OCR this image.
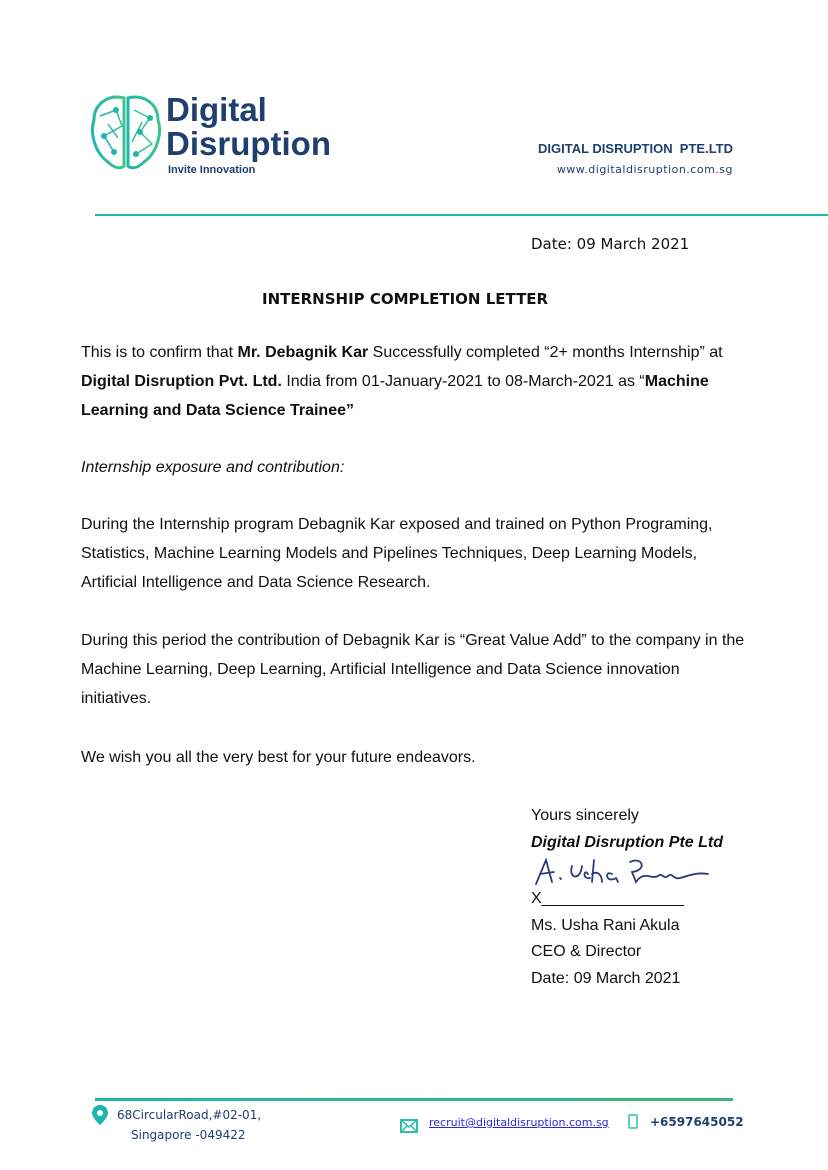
Digital
Disruption
Invite Innovation
DIGITAL DISRUPTION  PTE.LTD
www.digitaldisruption.com.sg
Date: 09 March 2021
INTERNSHIP COMPLETION LETTER
This is to confirm that Mr. Debagnik Kar Successfully completed “2+ months Internship” at Digital Disruption Pvt. Ltd. India from 01-January-2021 to 08-March-2021 as “Machine Learning and Data Science Trainee”
Internship exposure and contribution:
During the Internship program Debagnik Kar exposed and trained on Python Programing, Statistics, Machine Learning Models and Pipelines Techniques, Deep Learning Models, Artificial Intelligence and Data Science Research.
During this period the contribution of Debagnik Kar is “Great Value Add” to the company in the Machine Learning, Deep Learning, Artificial Intelligence and Data Science innovation initiatives.
We wish you all the very best for your future endeavors.
Yours sincerely
Digital Disruption Pte Ltd
X________________
Ms. Usha Rani Akula
CEO & Director
Date: 09 March 2021
68CircularRoad,#02-01,
Singapore -049422
recruit@digitaldisruption.com.sg	+6597645052
